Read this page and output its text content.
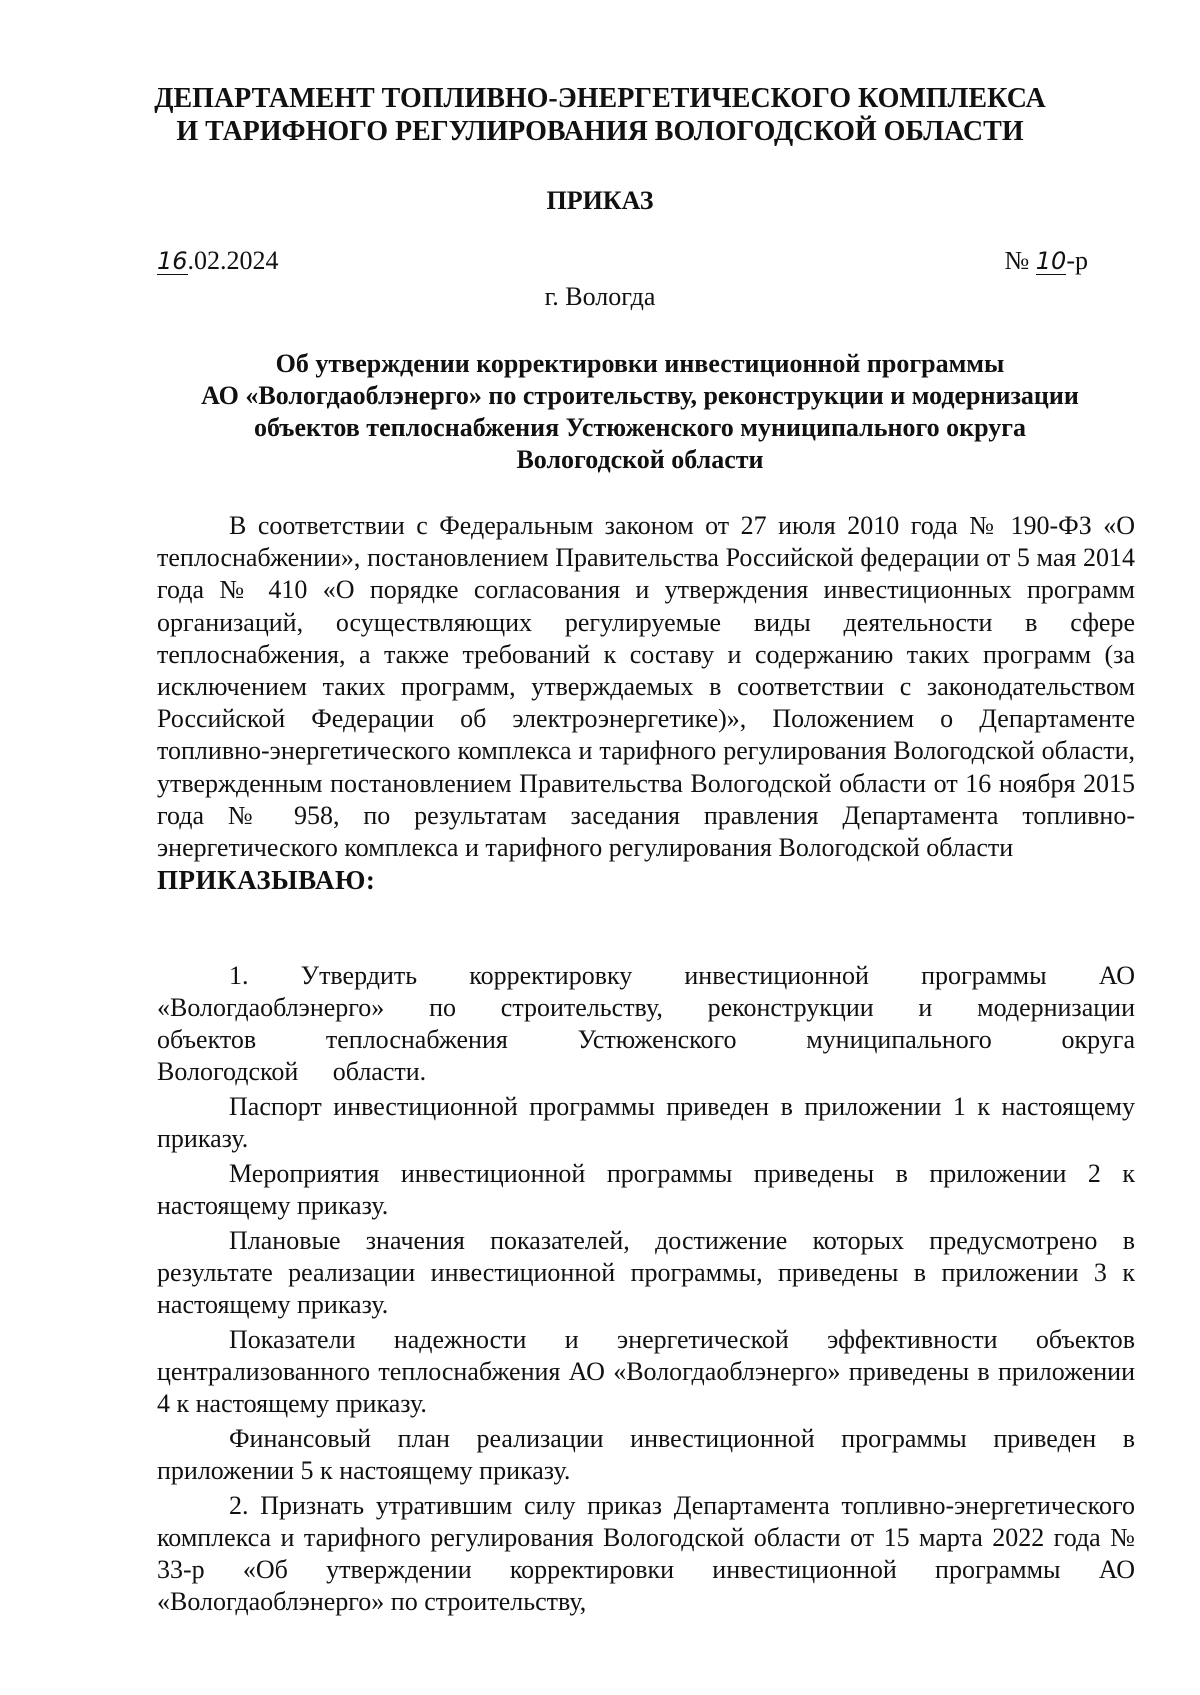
ДЕПАРТАМЕНТ ТОПЛИВНО-ЭНЕРГЕТИЧЕСКОГО КОМПЛЕКСА
И ТАРИФНОГО РЕГУЛИРОВАНИЯ ВОЛОГОДСКОЙ ОБЛАСТИ
ПРИКАЗ
16.02.2024	№ 10-р
г. Вологда
Об утверждении корректировки инвестиционной программы
АО «Вологдаоблэнерго» по строительству, реконструкции и модернизации
объектов теплоснабжения Устюженского муниципального округа
Вологодской области

В соответствии с Федеральным законом от 27 июля 2010 года № 190-ФЗ «О теплоснабжении», постановлением Правительства Российской федерации от 5 мая 2014 года № 410 «О порядке согласования и утверждения инвестиционных программ организаций, осуществляющих регулируемые виды деятельности в сфере теплоснабжения, а также требований к составу и содержанию таких программ (за исключением таких программ, утверждаемых в соответствии с законодательством Российской Федерации об электроэнергетике)», Положением о Департаменте топливно-энергетического комплекса и тарифного регулирования Вологодской области, утвержденным постановлением Правительства Вологодской области от 16 ноября 2015 года № 958, по результатам заседания правления Департамента топливно-энергетического комплекса и тарифного регулирования Вологодской области

ПРИКАЗЫВАЮ:

1. Утвердить корректировку инвестиционной программы АО «Вологдаоблэнерго» по строительству, реконструкции и модернизации объектов теплоснабжения Устюженского муниципального округа Вологодской области.

Паспорт инвестиционной программы приведен в приложении 1 к настоящему приказу.

Мероприятия инвестиционной программы приведены в приложении 2 к настоящему приказу.

Плановые значения показателей, достижение которых предусмотрено в результате реализации инвестиционной программы, приведены в приложении 3 к настоящему приказу.

Показатели надежности и энергетической эффективности объектов централизованного теплоснабжения АО «Вологдаоблэнерго» приведены в приложении 4 к настоящему приказу.

Финансовый план реализации инвестиционной программы приведен в приложении 5 к настоящему приказу.

2. Признать утратившим силу приказ Департамента топливно-энергетического комплекса и тарифного регулирования Вологодской области от 15 марта 2022 года № 33-р «Об утверждении корректировки инвестиционной программы АО «Вологдаоблэнерго» по строительству,
